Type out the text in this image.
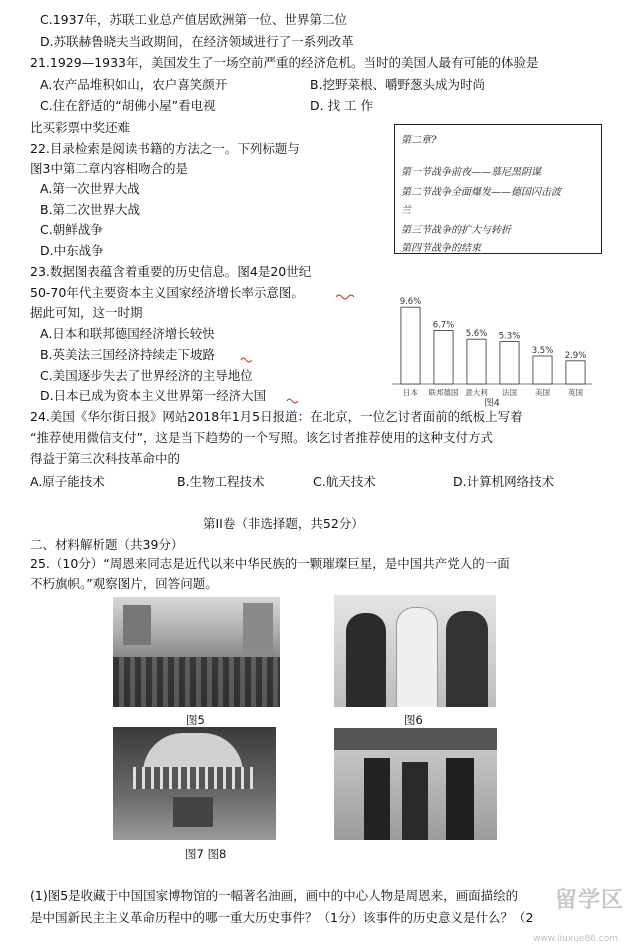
C.1937年，苏联工业总产值居欧洲第一位、世界第二位
D.苏联赫鲁晓夫当政期间，在经济领域进行了一系列改革
21.1929—1933年，美国发生了一场空前严重的经济危机。当时的美国人最有可能的体验是
A.农产品堆积如山，农户喜笑颜开	B.挖野菜根、嚼野葱头成为时尚
C.住在舒适的“胡佛小屋”看电视	D. 找 工 作
比买彩票中奖还难
22.目录检索是阅读书籍的方法之一。下列标题与
图3中第二章内容相吻合的是
A.第一次世界大战
B.第二次世界大战
C.朝鲜战争
D.中东战争
第二章?
第一节战争前夜——慕尼黑阴谋
第二节战争全面爆发——德国闪击波
兰
第三节战争的扩大与转折
第四节战争的结束
23.数据图表蕴含着重要的历史信息。图4是20世纪
50-70年代主要资本主义国家经济增长率示意图。
据此可知，这一时期
A.日本和联邦德国经济增长较快
B.英美法三国经济持续走下坡路
C.美国逐步失去了世界经济的主导地位
D.日本已成为资本主义世界第一经济大国
9.6%
日本
6.7%
联邦德国
5.6%
意大利
5.3%
法国
3.5%
美国
2.9%
英国
图4
24.美国《华尔街日报》网站2018年1月5日报道：在北京，一位乞讨者面前的纸板上写着
“推荐使用微信支付”，这是当下趋势的一个写照。该乞讨者推荐使用的这种支付方式
得益于第三次科技革命中的
A.原子能技术	B.生物工程技术	C.航天技术	D.计算机网络技术
第II卷（非选择题，共52分）
二、材料解析题（共39分）
25.（10分）“周恩来同志是近代以来中华民族的一颗璀璨巨星，是中国共产党人的一面
不朽旗帜。”观察图片，回答问题。
图5	图6
图7 图8
(1)图5是收藏于中国国家博物馆的一幅著名油画，画中的中心人物是周恩来，画面描绘的
是中国新民主主义革命历程中的哪一重大历史事件？（1分）该事件的历史意义是什么？（2
留学区
www.liuxue86.com
